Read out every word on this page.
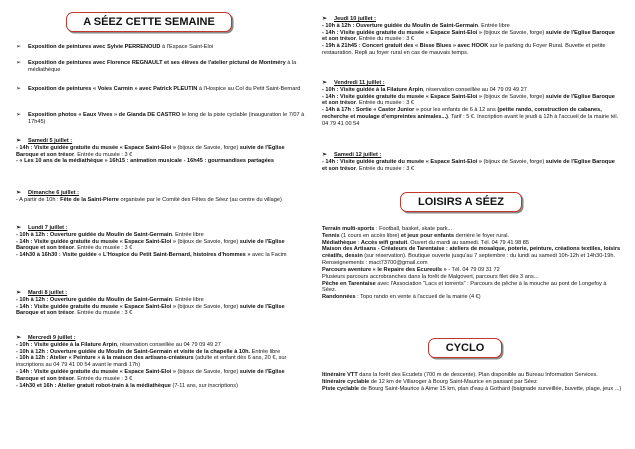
A SÉEZ CETTE SEMAINE
➢ Exposition de peintures avec Sylvie PERRENOUD à l'Espace Saint-Eloi
➢ Exposition de peintures avec Florence REGNAULT et ses élèves de l'atelier pictural de Montméry à la médiathèque
➢ Exposition de peintures « Voies Carmin » avec Patrick PLEUTIN à l'Hospice au Col du Petit Saint-Bernard
➢ Exposition photos « Eaux Vives » de Gianda DE CASTRO le long de la piste cyclable (inauguration le 7/07 à 17h45)
➢ Samedi 5 juillet :
- 14h : Visite guidée gratuite du musée « Espace Saint-Eloi » (bijoux de Savoie, forge) suivie de l'Eglise Baroque et son trésor. Entrée du musée : 3 €
- « Les 10 ans de la médiathèque » 16h15 : animation musicale - 16h45 : gourmandises partagées
➢ Dimanche 6 juillet :
- A partir de 10h : Fête de la Saint-Pierre organisée par le Comité des Fêtes de Séez (au centre du village)
➢ Lundi 7 juillet :
- 10h à 12h : Ouverture guidée du Moulin de Saint-Germain. Entrée libre
- 14h : Visite guidée gratuite du musée « Espace Saint-Eloi » (bijoux de Savoie, forge) suivie de l'Eglise Baroque et son trésor. Entrée du musée : 3 €
- 14h30 à 16h30 : Visite guidée « L'Hospice du Petit Saint-Bernard, histoires d'hommes » avec la Facim
➢ Mardi 8 juillet :
- 10h à 12h : Ouverture guidée du Moulin de Saint-Germain. Entrée libre
- 14h : Visite guidée gratuite du musée « Espace Saint-Eloi » (bijoux de Savoie, forge) suivie de l'Eglise Baroque et son trésor. Entrée du musée : 3 €
➢ Mercredi 9 juillet :
- 10h : Visite guidée à la Filature Arpin, réservation conseillée au 04 79 09 49 27
- 10h à 12h : Ouverture guidée du Moulin de Saint-Germain et visite de la chapelle à 10h. Entrée libre
- 10h à 12h : Atelier « Peinture » à la maison des artisans-créateurs (adulte et enfant dès 6 ans, 20 €, sur inscriptions au 04 79 41 00 54 avant le mardi 17h)
- 14h : Visite guidée gratuite du musée « Espace Saint-Eloi » (bijoux de Savoie, forge) suivie de l'Eglise Baroque et son trésor. Entrée du musée : 3 €
- 14h30 et 16h : Atelier gratuit robot-train à la médiathèque (7-11 ans, sur inscriptions)
➢ Jeudi 10 juillet :
- 10h à 12h : Ouverture guidée du Moulin de Saint-Germain. Entrée libre
- 14h : Visite guidée gratuite du musée « Espace Saint-Eloi » (bijoux de Savoie, forge) suivie de l'Eglise Baroque et son trésor. Entrée du musée : 3 €
- 19h à 21h45 : Concert gratuit des « Bisse Blues » avec HOOK sur le parking du Foyer Rural. Buvette et petite restauration. Repli au foyer rural en cas de mauvais temps.
➢ Vendredi 11 juillet :
- 10h : Visite guidée à la Filature Arpin, réservation conseillée au 04 79 09 49 27
- 14h : Visite guidée gratuite du musée « Espace Saint-Eloi » (bijoux de Savoie, forge) suivie de l'Eglise Baroque et son trésor. Entrée du musée : 3 €
- 14h à 17h : Sortie « Castor Junior » pour les enfants de 6 à 12 ans (petite rando, construction de cabanes, recherche et moulage d'empreintes animales...). Tarif : 5 €. Inscription avant le jeudi à 12h à l'accueil de la mairie tél. 04 79 41 00 54
➢ Samedi 12 juillet :
- 14h : Visite guidée gratuite du musée « Espace Saint-Eloi » (bijoux de Savoie, forge) suivie de l'Eglise Baroque et son trésor. Entrée du musée : 3 €
LOISIRS A SÉEZ
Terrain multi-sports : Football, basket, skate park...
Tennis (1 cours en accès libre) et jeux pour enfants derrière le foyer rural.
Médiathèque : Accès wifi gratuit. Ouvert du mardi au samedi. Tél. 04 79 41 98 85
Maison des Artisans - Créateurs de Tarentaise : ateliers de mosaïque, poterie, peinture, créations textiles, loisirs créatifs, dessin (sur réservation). Boutique ouverte jusqu'au 7 septembre : du lundi au samedi 10h-12h et 14h30-19h. Renseignements : mact73700@gmail.com
Parcours aventure « le Repaire des Ecureuils » - Tél. 04 79 09 31 72
Plusieurs parcours accrobranches dans la forêt de Malgovert, parcours filet dès 3 ans...
Pêche en Tarentaise avec l'Association "Lacs et torrents" : Parcours de pêche à la mouche au pont de Longefoy à Séez.
Randonnées : Topo rando en vente à l'accueil de la mairie (4 €)
CYCLO
Itinéraire VTT dans la forêt des Ecudets (700 m de descente). Plan disponible au Bureau Information Services.
Itinéraire cyclable de 12 km de Villaroger à Bourg Saint-Maurice en passant par Séez
Piste cyclable de Bourg Saint-Maurice à Aime 15 km, plan d'eau à Gothard (baignade surveillée, buvette, plage, jeux ...)
